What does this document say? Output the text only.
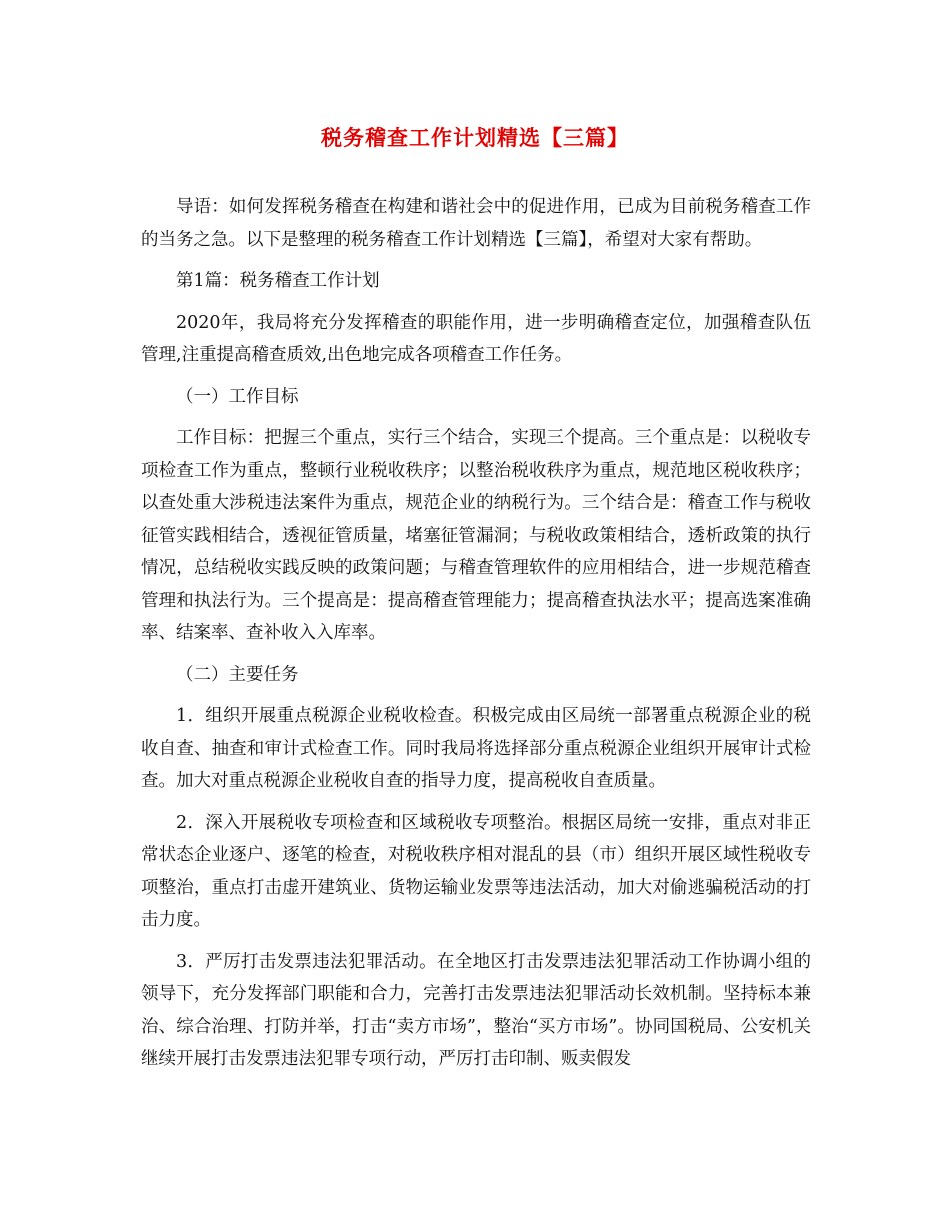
税务稽查工作计划精选【三篇】

导语：如何发挥税务稽查在构建和谐社会中的促进作用，已成为目前税务稽查工作的当务之急。以下是整理的税务稽查工作计划精选【三篇】，希望对大家有帮助。

第1篇：税务稽查工作计划

2020年，我局将充分发挥稽查的职能作用，进一步明确稽查定位，加强稽查队伍管理,注重提高稽查质效,出色地完成各项稽查工作任务。

（一）工作目标

工作目标：把握三个重点，实行三个结合，实现三个提高。三个重点是：以税收专项检查工作为重点，整顿行业税收秩序；以整治税收秩序为重点，规范地区税收秩序；以查处重大涉税违法案件为重点，规范企业的纳税行为。三个结合是：稽查工作与税收征管实践相结合，透视征管质量，堵塞征管漏洞；与税收政策相结合，透析政策的执行情况，总结税收实践反映的政策问题；与稽查管理软件的应用相结合，进一步规范稽查管理和执法行为。三个提高是：提高稽查管理能力；提高稽查执法水平；提高选案准确率、结案率、查补收入入库率。

（二）主要任务

1．组织开展重点税源企业税收检查。积极完成由区局统一部署重点税源企业的税收自查、抽查和审计式检查工作。同时我局将选择部分重点税源企业组织开展审计式检查。加大对重点税源企业税收自查的指导力度，提高税收自查质量。

2．深入开展税收专项检查和区域税收专项整治。根据区局统一安排，重点对非正常状态企业逐户、逐笔的检查，对税收秩序相对混乱的县（市）组织开展区域性税收专项整治，重点打击虚开建筑业、货物运输业发票等违法活动，加大对偷逃骗税活动的打击力度。

3．严厉打击发票违法犯罪活动。在全地区打击发票违法犯罪活动工作协调小组的领导下，充分发挥部门职能和合力，完善打击发票违法犯罪活动长效机制。坚持标本兼治、综合治理、打防并举，打击“卖方市场”，整治“买方市场”。协同国税局、公安机关继续开展打击发票违法犯罪专项行动，严厉打击印制、贩卖假发
